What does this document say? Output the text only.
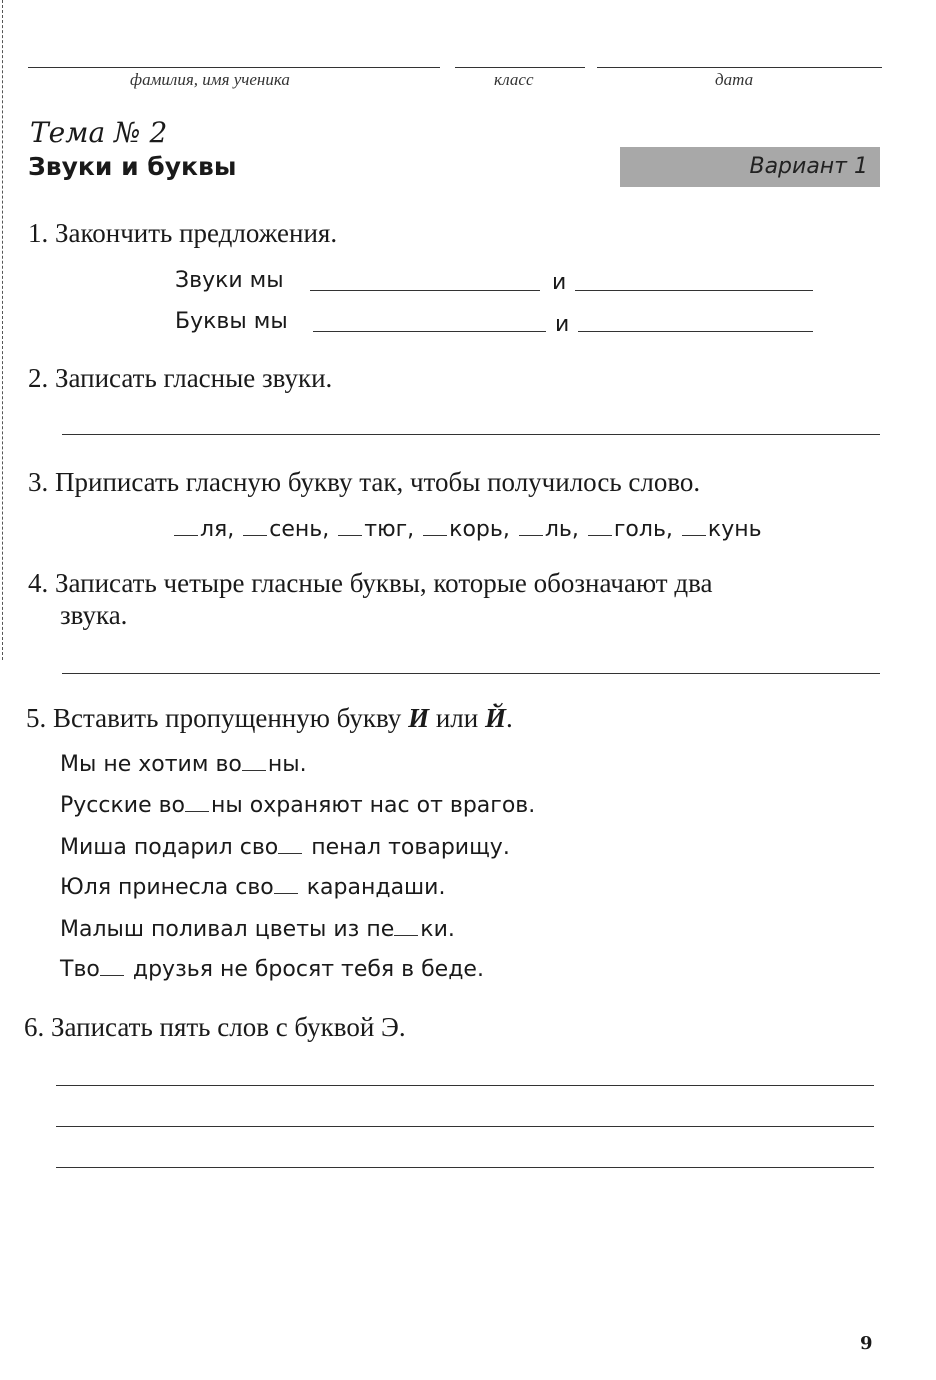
фамилия, имя ученика	класс	дата
Тема № 2
Звуки и буквы	Вариант 1
1. Закончить предложения.
Звуки мы	и
Буквы мы	и
2. Записать гласные звуки.
3. Приписать гласную букву так, чтобы получилось слово.
ля, сень, тюг, корь, ль, голь, кунь
4. Записать четыре гласные буквы, которые обозначают два
звука.
5. Вставить пропущенную букву И или Й.
Мы не хотим во ны.
Русские во ны охраняют нас от врагов.
Миша подарил сво пенал товарищу.
Юля принесла сво карандаши.
Малыш поливал цветы из пе ки.
Тво друзья не бросят тебя в беде.
6. Записать пять слов с буквой Э.
9
